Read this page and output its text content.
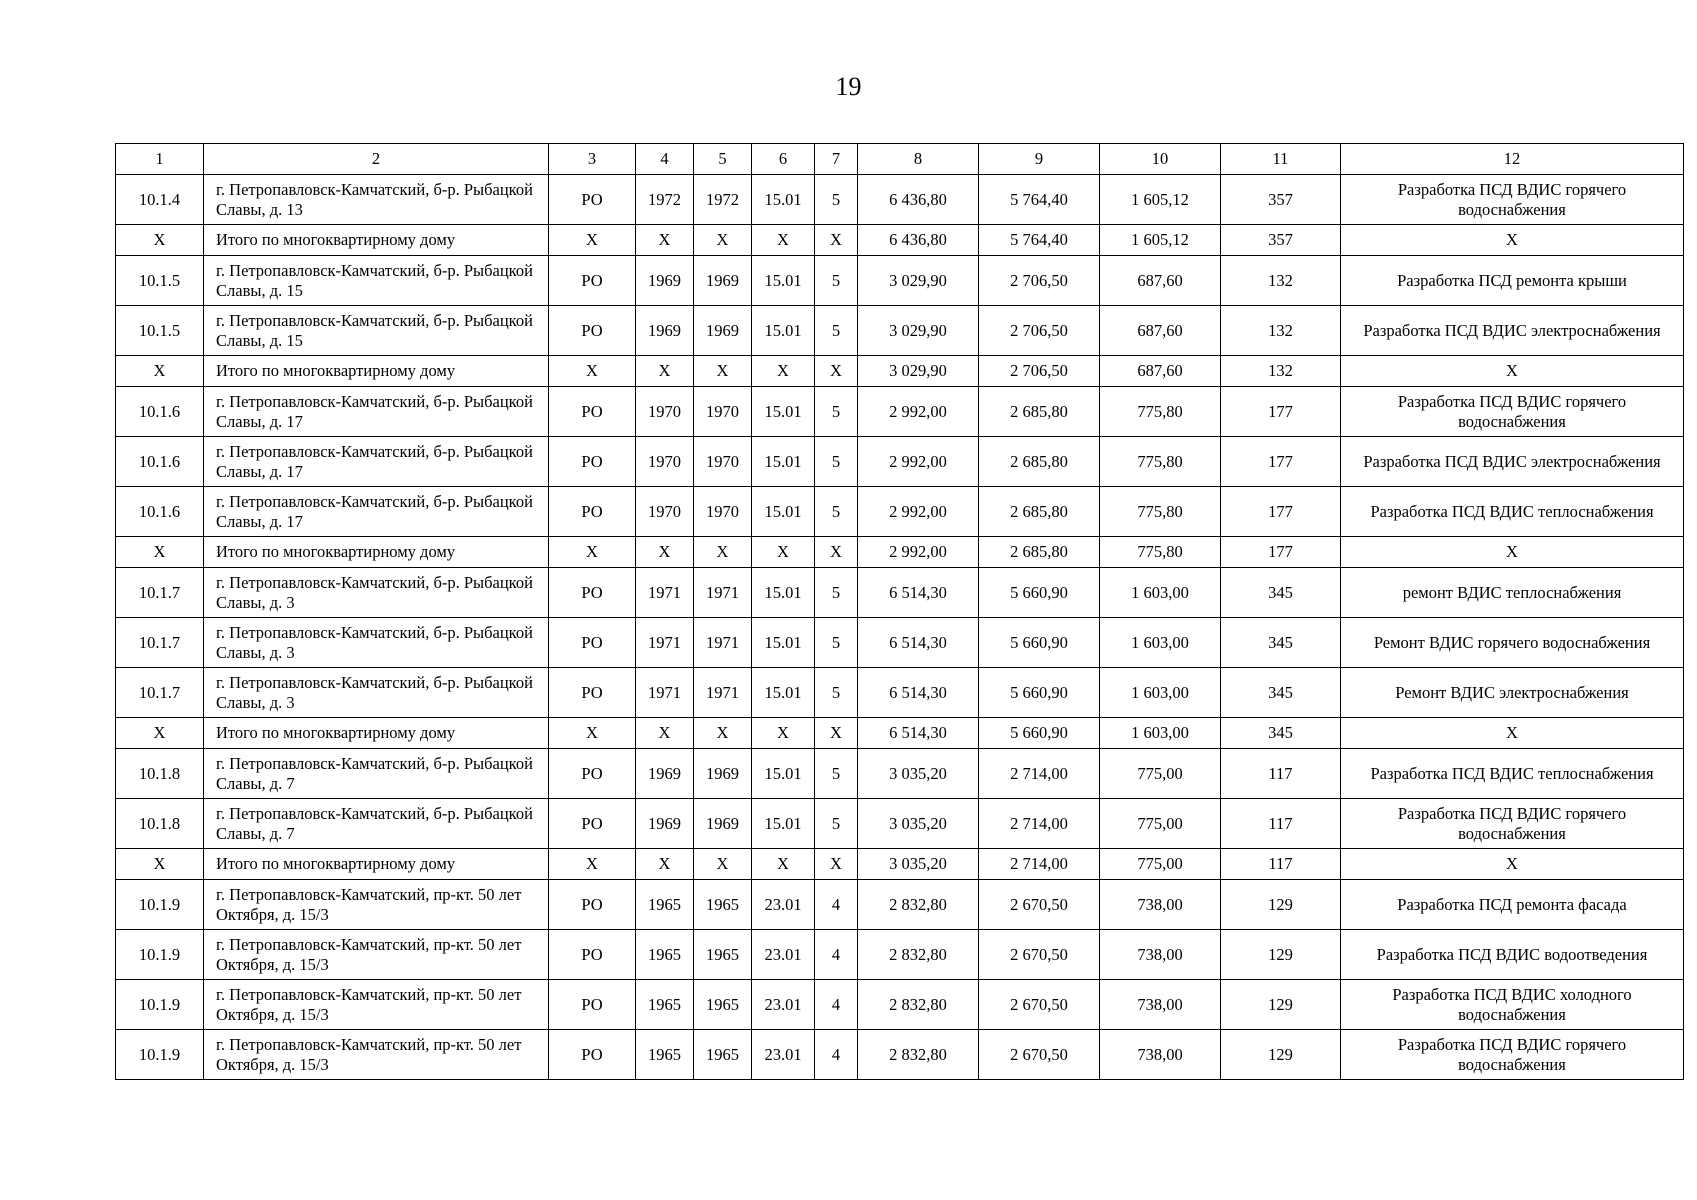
19
1	2	3	4	5	6	7	8	9	10	11	12
10.1.4	г. Петропавловск-Камчатский, б-р. Рыбацкой Славы, д. 13	РО	1972	1972	15.01	5	6 436,80	5 764,40	1 605,12	357	Разработка ПСД ВДИС горячего водоснабжения
X	Итого по многоквартирному дому	X	X	X	X	X	6 436,80	5 764,40	1 605,12	357	X
10.1.5	г. Петропавловск-Камчатский, б-р. Рыбацкой Славы, д. 15	РО	1969	1969	15.01	5	3 029,90	2 706,50	687,60	132	Разработка ПСД ремонта крыши
10.1.5	г. Петропавловск-Камчатский, б-р. Рыбацкой Славы, д. 15	РО	1969	1969	15.01	5	3 029,90	2 706,50	687,60	132	Разработка ПСД ВДИС электроснабжения
X	Итого по многоквартирному дому	X	X	X	X	X	3 029,90	2 706,50	687,60	132	X
10.1.6	г. Петропавловск-Камчатский, б-р. Рыбацкой Славы, д. 17	РО	1970	1970	15.01	5	2 992,00	2 685,80	775,80	177	Разработка ПСД ВДИС горячего водоснабжения
10.1.6	г. Петропавловск-Камчатский, б-р. Рыбацкой Славы, д. 17	РО	1970	1970	15.01	5	2 992,00	2 685,80	775,80	177	Разработка ПСД ВДИС электроснабжения
10.1.6	г. Петропавловск-Камчатский, б-р. Рыбацкой Славы, д. 17	РО	1970	1970	15.01	5	2 992,00	2 685,80	775,80	177	Разработка ПСД ВДИС теплоснабжения
X	Итого по многоквартирному дому	X	X	X	X	X	2 992,00	2 685,80	775,80	177	X
10.1.7	г. Петропавловск-Камчатский, б-р. Рыбацкой Славы, д. 3	РО	1971	1971	15.01	5	6 514,30	5 660,90	1 603,00	345	ремонт ВДИС теплоснабжения
10.1.7	г. Петропавловск-Камчатский, б-р. Рыбацкой Славы, д. 3	РО	1971	1971	15.01	5	6 514,30	5 660,90	1 603,00	345	Ремонт ВДИС горячего водоснабжения
10.1.7	г. Петропавловск-Камчатский, б-р. Рыбацкой Славы, д. 3	РО	1971	1971	15.01	5	6 514,30	5 660,90	1 603,00	345	Ремонт ВДИС электроснабжения
X	Итого по многоквартирному дому	X	X	X	X	X	6 514,30	5 660,90	1 603,00	345	X
10.1.8	г. Петропавловск-Камчатский, б-р. Рыбацкой Славы, д. 7	РО	1969	1969	15.01	5	3 035,20	2 714,00	775,00	117	Разработка ПСД ВДИС теплоснабжения
10.1.8	г. Петропавловск-Камчатский, б-р. Рыбацкой Славы, д. 7	РО	1969	1969	15.01	5	3 035,20	2 714,00	775,00	117	Разработка ПСД ВДИС горячего водоснабжения
X	Итого по многоквартирному дому	X	X	X	X	X	3 035,20	2 714,00	775,00	117	X
10.1.9	г. Петропавловск-Камчатский, пр-кт. 50 лет Октября, д. 15/3	РО	1965	1965	23.01	4	2 832,80	2 670,50	738,00	129	Разработка ПСД ремонта фасада
10.1.9	г. Петропавловск-Камчатский, пр-кт. 50 лет Октября, д. 15/3	РО	1965	1965	23.01	4	2 832,80	2 670,50	738,00	129	Разработка ПСД ВДИС водоотведения
10.1.9	г. Петропавловск-Камчатский, пр-кт. 50 лет Октября, д. 15/3	РО	1965	1965	23.01	4	2 832,80	2 670,50	738,00	129	Разработка ПСД ВДИС холодного водоснабжения
10.1.9	г. Петропавловск-Камчатский, пр-кт. 50 лет Октября, д. 15/3	РО	1965	1965	23.01	4	2 832,80	2 670,50	738,00	129	Разработка ПСД ВДИС горячего водоснабжения
